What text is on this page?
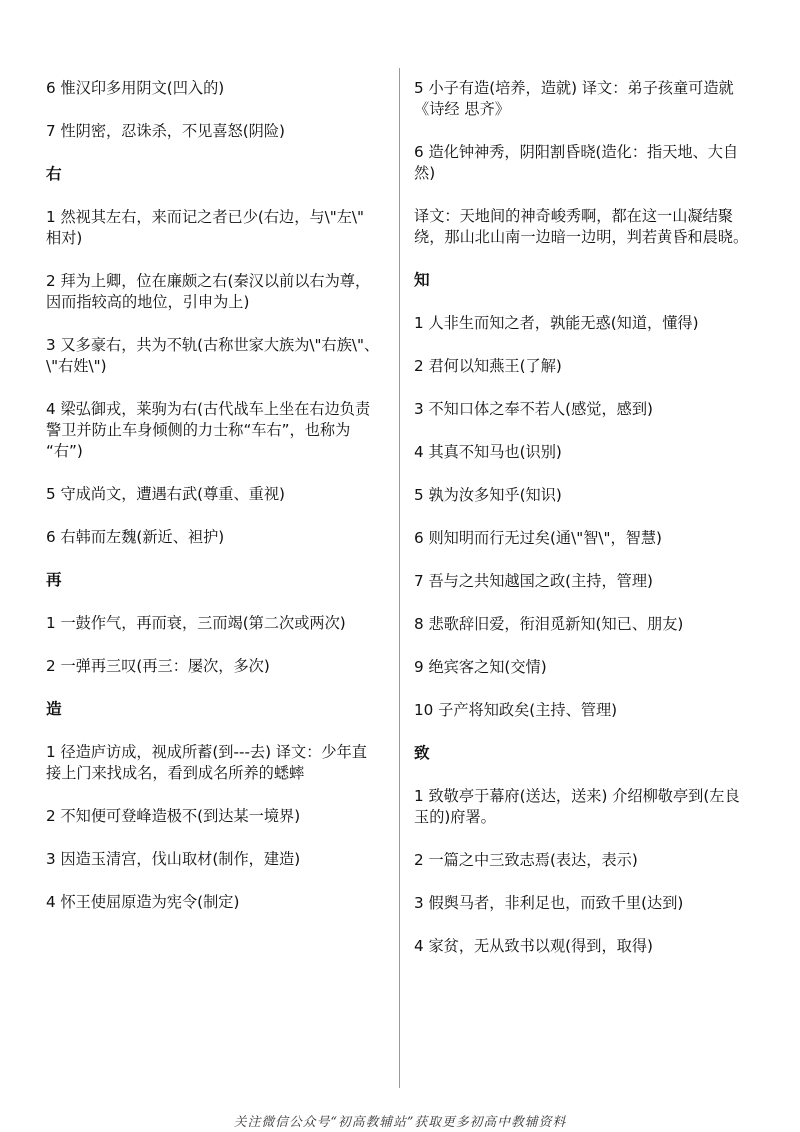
6 惟汉印多用阴文(凹入的)

7 性阴密，忍诛杀，不见喜怒(阴险)

右

1 然视其左右，来而记之者已少(右边，与\"左\"

相对)

2 拜为上卿，位在廉颇之右(秦汉以前以右为尊，

因而指较高的地位，引申为上)

3 又多豪右，共为不轨(古称世家大族为\"右族\"、

\"右姓\")

4 梁弘御戎，莱驹为右(古代战车上坐在右边负责

警卫并防止车身倾侧的力士称“车右”，也称为

“右”)

5 守成尚文，遭遇右武(尊重、重视)

6 右韩而左魏(新近、袒护)

再

1 一鼓作气，再而衰，三而竭(第二次或两次)

2 一弹再三叹(再三：屡次，多次)

造

1 径造庐访成，视成所蓄(到---去) 译文：少年直

接上门来找成名，看到成名所养的蟋蟀

2 不知便可登峰造极不(到达某一境界)

3 因造玉清宫，伐山取材(制作，建造)

4 怀王使屈原造为宪令(制定)

5 小子有造(培养，造就) 译文：弟子孩童可造就

《诗经 思齐》

6 造化钟神秀，阴阳割昏晓(造化：指天地、大自

然)

译文：天地间的神奇峻秀啊，都在这一山凝结聚

绕，那山北山南一边暗一边明，判若黄昏和晨晓。

知

1 人非生而知之者，孰能无惑(知道，懂得)

2 君何以知燕王(了解)

3 不知口体之奉不若人(感觉，感到)

4 其真不知马也(识别)

5 孰为汝多知乎(知识)

6 则知明而行无过矣(通\"智\"，智慧)

7 吾与之共知越国之政(主持，管理)

8 悲歌辞旧爱，衔泪觅新知(知已、朋友)

9 绝宾客之知(交情)

10 子产将知政矣(主持、管理)

致

1 致敬亭于幕府(送达，送来) 介绍柳敬亭到(左良

玉的)府署。

2 一篇之中三致志焉(表达，表示)

3 假舆马者，非利足也，而致千里(达到)

4 家贫，无从致书以观(得到，取得)

关注微信公众号“初高教辅站”获取更多初高中教辅资料
